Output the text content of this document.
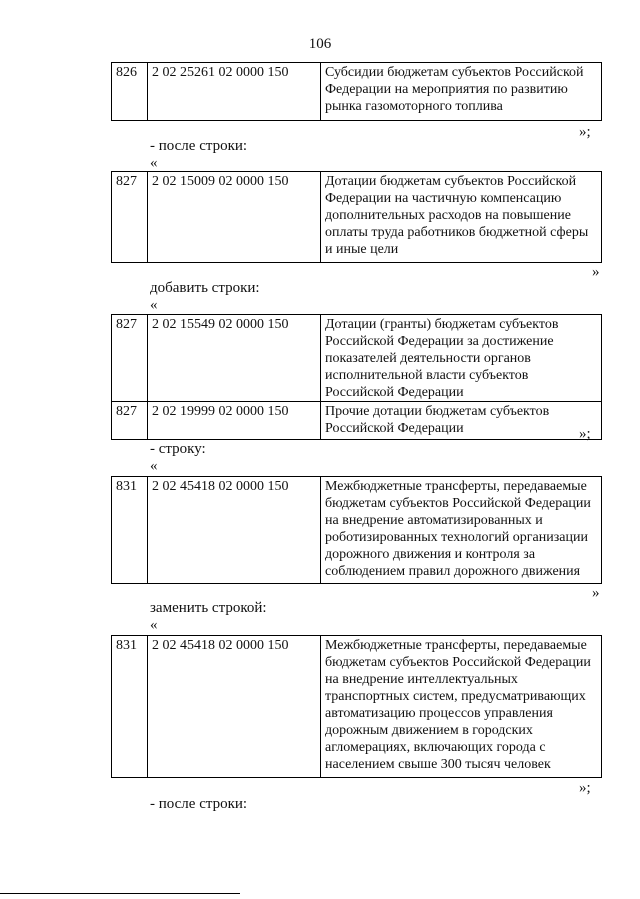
106
826	2 02 25261 02 0000 150	Субсидии бюджетам субъектов Российской Федерации на мероприятия по развитию рынка газомоторного топлива
»;
- после строки:
«
827	2 02 15009 02 0000 150	Дотации бюджетам субъектов Российской Федерации на частичную компенсацию дополнительных расходов на повышение оплаты труда работников бюджетной сферы и иные цели
»
добавить строки:
«
827	2 02 15549 02 0000 150	Дотации (гранты) бюджетам субъектов Российской Федерации за достижение показателей деятельности органов исполнительной власти субъектов Российской Федерации
827	2 02 19999 02 0000 150	Прочие дотации бюджетам субъектов Российской Федерации	»;
- строку:
«
831	2 02 45418 02 0000 150	Межбюджетные трансферты, передаваемые бюджетам субъектов Российской Федерации на внедрение автоматизированных и роботизированных технологий организации дорожного движения и контроля за соблюдением правил дорожного движения
»
заменить строкой:
«
831	2 02 45418 02 0000 150	Межбюджетные трансферты, передаваемые бюджетам субъектов Российской Федерации на внедрение интеллектуальных транспортных систем, предусматривающих автоматизацию процессов управления дорожным движением в городских агломерациях, включающих города с населением свыше 300 тысяч человек
»;
- после строки:
